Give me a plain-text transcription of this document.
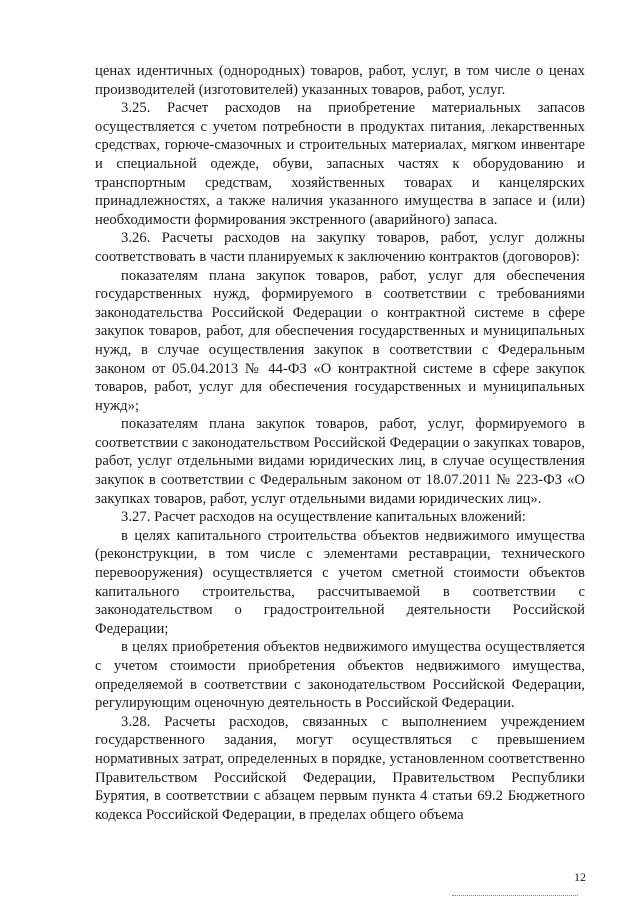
ценах идентичных (однородных) товаров, работ, услуг, в том числе о ценах производителей (изготовителей) указанных товаров, работ, услуг.

3.25. Расчет расходов на приобретение материальных запасов осуществляется с учетом потребности в продуктах питания, лекарственных средствах, горюче-смазочных и строительных материалах, мягком инвентаре и специальной одежде, обуви, запасных частях к оборудованию и транспортным средствам, хозяйственных товарах и канцелярских принадлежностях, а также наличия указанного имущества в запасе и (или) необходимости формирования экстренного (аварийного) запаса.

3.26. Расчеты расходов на закупку товаров, работ, услуг должны соответствовать в части планируемых к заключению контрактов (договоров):

показателям плана закупок товаров, работ, услуг для обеспечения государственных нужд, формируемого в соответствии с требованиями законодательства Российской Федерации о контрактной системе в сфере закупок товаров, работ, для обеспечения государственных и муниципальных нужд, в случае осуществления закупок в соответствии с Федеральным законом от 05.04.2013 № 44-ФЗ «О контрактной системе в сфере закупок товаров, работ, услуг для обеспечения государственных и муниципальных нужд»;

показателям плана закупок товаров, работ, услуг, формируемого в соответствии с законодательством Российской Федерации о закупках товаров, работ, услуг отдельными видами юридических лиц, в случае осуществления закупок в соответствии с Федеральным законом от 18.07.2011 № 223-ФЗ «О закупках товаров, работ, услуг отдельными видами юридических лиц».

3.27. Расчет расходов на осуществление капитальных вложений:

в целях капитального строительства объектов недвижимого имущества (реконструкции, в том числе с элементами реставрации, технического перевооружения) осуществляется с учетом сметной стоимости объектов капитального строительства, рассчитываемой в соответствии с законодательством о градостроительной деятельности Российской Федерации;

в целях приобретения объектов недвижимого имущества осуществляется с учетом стоимости приобретения объектов недвижимого имущества, определяемой в соответствии с законодательством Российской Федерации, регулирующим оценочную деятельность в Российской Федерации.

3.28. Расчеты расходов, связанных с выполнением учреждением государственного задания, могут осуществляться с превышением нормативных затрат, определенных в порядке, установленном соответственно Правительством Российской Федерации, Правительством Республики Бурятия, в соответствии с абзацем первым пункта 4 статьи 69.2 Бюджетного кодекса Российской Федерации, в пределах общего объема

12
